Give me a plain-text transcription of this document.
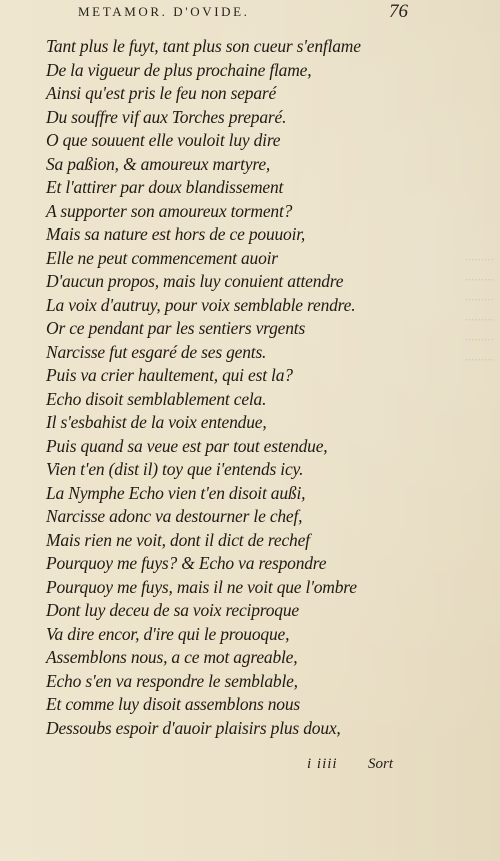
·········
·········
·········
·········
·········
·········
METAMOR. D'OVIDE.	76
Tant plus le fuyt, tant plus son cueur s'enflame
De la vigueur de plus prochaine flame,
Ainsi qu'est pris le feu non separé
Du souffre vif aux Torches preparé.
O que souuent elle vouloit luy dire
Sa paßion, & amoureux martyre,
Et l'attirer par doux blandissement
A supporter son amoureux torment?
Mais sa nature est hors de ce pouuoir,
Elle ne peut commencement auoir
D'aucun propos, mais luy conuient attendre
La voix d'autruy, pour voix semblable rendre.
Or ce pendant par les sentiers vrgents
Narcisse fut esgaré de ses gents.
Puis va crier haultement, qui est la?
Echo disoit semblablement cela.
Il s'esbahist de la voix entendue,
Puis quand sa veue est par tout estendue,
Vien t'en (dist il) toy que i'entends icy.
La Nymphe Echo vien t'en disoit außi,
Narcisse adonc va destourner le chef,
Mais rien ne voit, dont il dict de rechef
Pourquoy me fuys? & Echo va respondre
Pourquoy me fuys, mais il ne voit que l'ombre
Dont luy deceu de sa voix reciproque
Va dire encor, d'ire qui le prouoque,
Assemblons nous, a ce mot agreable,
Echo s'en va respondre le semblable,
Et comme luy disoit assemblons nous
Dessoubs espoir d'auoir plaisirs plus doux,
i iiii Sort
